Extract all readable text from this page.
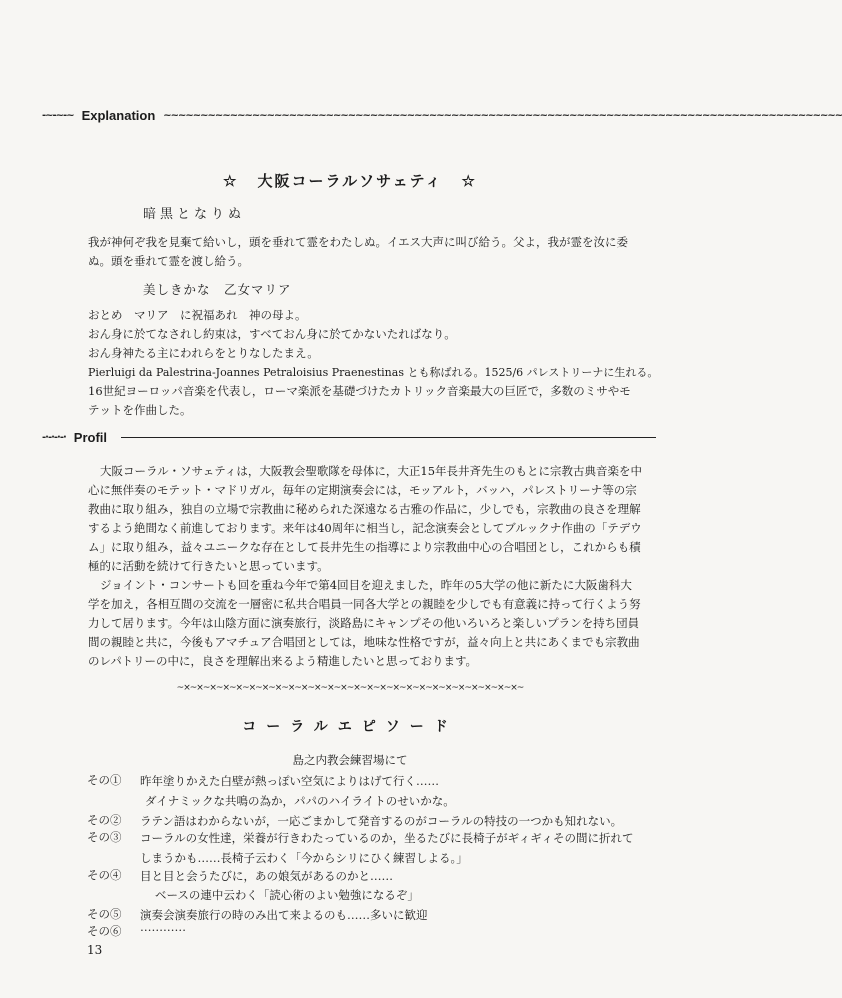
-~-~-~ Explanation ~~~~~~~~~~~~~~~~~~~~~~~~~~~~~~~~~~~~~~~~~~~~~~~~~~~~~~~~~~~~~~~~~~~~~~~~~~~~~~~~~~~~~~~~~~~~
☆ 大阪コーラルソサェティ ☆
暗黒となりぬ
我が神何ぞ我を見棄て給いし，頭を垂れて霊をわたしぬ。イエス大声に叫び給う。父よ，我が霊を汝に委
ぬ。頭を垂れて霊を渡し給う。
美しきかな　乙女マリア
おとめ　マリア　に祝福あれ　神の母よ。
おん身に於てなされし約束は，すべておん身に於てかないたればなり。
おん身神たる主にわれらをとりなしたまえ。
Pierluigi da Palestrina-Joannes Petraloisius Praenestinas とも称ばれる。1525/6 パレストリーナに生れる。
16世紀ヨーロッパ音楽を代表し，ローマ楽派を基礎づけたカトリック音楽最大の巨匠で，多数のミサやモ
テットを作曲した。
-·-·-·-· Profil
大阪コーラル・ソサェティは，大阪教会聖歌隊を母体に，大正15年長井斉先生のもとに宗教古典音楽を中
心に無伴奏のモテット・マドリガル，毎年の定期演奏会には，モッアルト，バッハ，パレストリーナ等の宗
教曲に取り組み，独自の立場で宗教曲に秘められた深遠なる古雅の作品に，少しでも，宗教曲の良さを理解
するよう絶間なく前進しております。来年は40周年に相当し，記念演奏会としてブルックナ作曲の「テデウ
ム」に取り組み，益々ユニークな存在として長井先生の指導により宗教曲中心の合唱団とし，これからも積
極的に活動を続けて行きたいと思っています。
ジョイント・コンサートも回を重ね今年で第4回目を迎えました，昨年の5大学の他に新たに大阪歯科大
学を加え，各相互間の交流を一層密に私共合唱員一同各大学との親睦を少しでも有意義に持って行くよう努
力して居ります。今年は山陰方面に演奏旅行，淡路島にキャンプその他いろいろと楽しいプランを持ち団員
間の親睦と共に，今後もアマチュア合唱団としては，地味な性格ですが，益々向上と共にあくまでも宗教曲
のレパトリーの中に，良さを理解出来るよう精進したいと思っております。
~×~×~×~×~×~×~×~×~×~×~×~×~×~×~×~×~×~×~×~×~×~×~×~×~×~×~
コーラルエピソード
島之内教会練習場にて
その① 昨年塗りかえた白壁が熱っぽい空気によりはげて行く……
ダイナミックな共鳴の為か，パパのハイライトのせいかな。
その② ラテン語はわからないが，一応ごまかして発音するのがコーラルの特技の一つかも知れない。
その③ コーラルの女性達，栄養が行きわたっているのか，坐るたびに長椅子がギィギィその間に折れて
しまうかも……長椅子云わく「今からシリにひく練習しよる。」
その④ 目と目と会うたびに，あの娘気があるのかと……
ベースの連中云わく「読心術のよい勉強になるぞ」
その⑤ 演奏会演奏旅行の時のみ出て来よるのも……多いに歓迎
その⑥ …………
13
